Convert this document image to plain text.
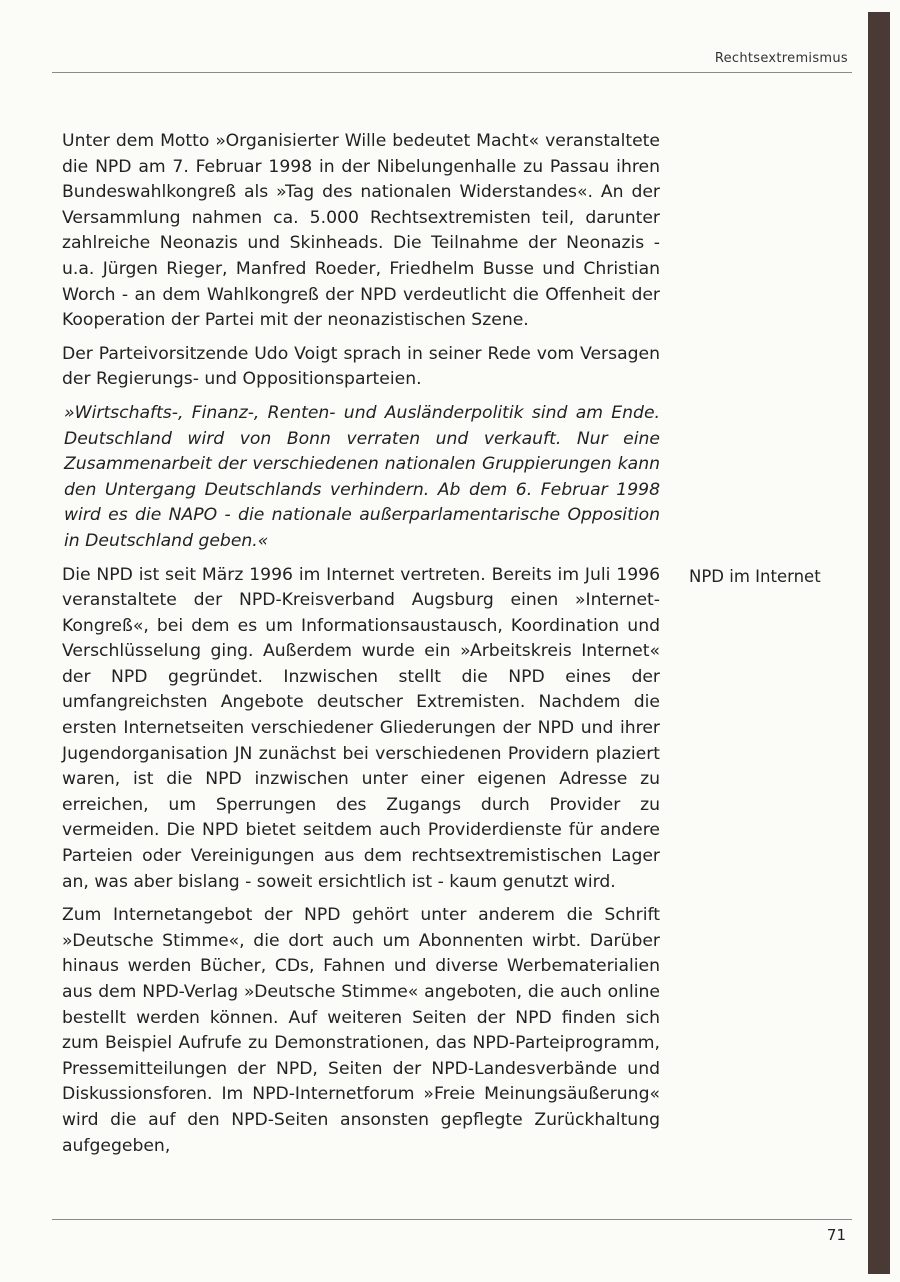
Rechtsextremismus

Unter dem Motto »Organisierter Wille bedeutet Macht« veranstaltete die NPD am 7. Februar 1998 in der Nibelungenhalle zu Passau ihren Bundeswahlkongreß als »Tag des nationalen Widerstandes«. An der Versammlung nahmen ca. 5.000 Rechtsextremisten teil, darunter zahlreiche Neonazis und Skinheads. Die Teilnahme der Neonazis - u.a. Jürgen Rieger, Manfred Roeder, Friedhelm Busse und Christian Worch - an dem Wahlkongreß der NPD verdeutlicht die Offenheit der Kooperation der Partei mit der neonazistischen Szene.

Der Parteivorsitzende Udo Voigt sprach in seiner Rede vom Versagen der Regierungs- und Oppositionsparteien.

»Wirtschafts-, Finanz-, Renten- und Ausländerpolitik sind am Ende. Deutschland wird von Bonn verraten und verkauft. Nur eine Zusammenarbeit der verschiedenen nationalen Gruppierungen kann den Untergang Deutschlands verhindern. Ab dem 6. Februar 1998 wird es die NAPO - die nationale außerparlamentarische Opposition in Deutschland geben.«

Die NPD ist seit März 1996 im Internet vertreten. Bereits im Juli 1996 veranstaltete der NPD-Kreisverband Augsburg einen »Internet-Kongreß«, bei dem es um Informationsaustausch, Koordination und Verschlüsselung ging. Außerdem wurde ein »Arbeitskreis Internet« der NPD gegründet. Inzwischen stellt die NPD eines der umfangreichsten Angebote deutscher Extremisten. Nachdem die ersten Internetseiten verschiedener Gliederungen der NPD und ihrer Jugendorganisation JN zunächst bei verschiedenen Providern plaziert waren, ist die NPD inzwischen unter einer eigenen Adresse zu erreichen, um Sperrungen des Zugangs durch Provider zu vermeiden. Die NPD bietet seitdem auch Providerdienste für andere Parteien oder Vereinigungen aus dem rechtsextremistischen Lager an, was aber bislang - soweit ersichtlich ist - kaum genutzt wird.

Zum Internetangebot der NPD gehört unter anderem die Schrift »Deutsche Stimme«, die dort auch um Abonnenten wirbt. Darüber hinaus werden Bücher, CDs, Fahnen und diverse Werbematerialien aus dem NPD-Verlag »Deutsche Stimme« angeboten, die auch online bestellt werden können. Auf weiteren Seiten der NPD finden sich zum Beispiel Aufrufe zu Demonstrationen, das NPD-Parteiprogramm, Pressemitteilungen der NPD, Seiten der NPD-Landesverbände und Diskussionsforen. Im NPD-Internetforum »Freie Meinungsäußerung« wird die auf den NPD-Seiten ansonsten gepflegte Zurückhaltung aufgegeben,

NPD im Internet
71
